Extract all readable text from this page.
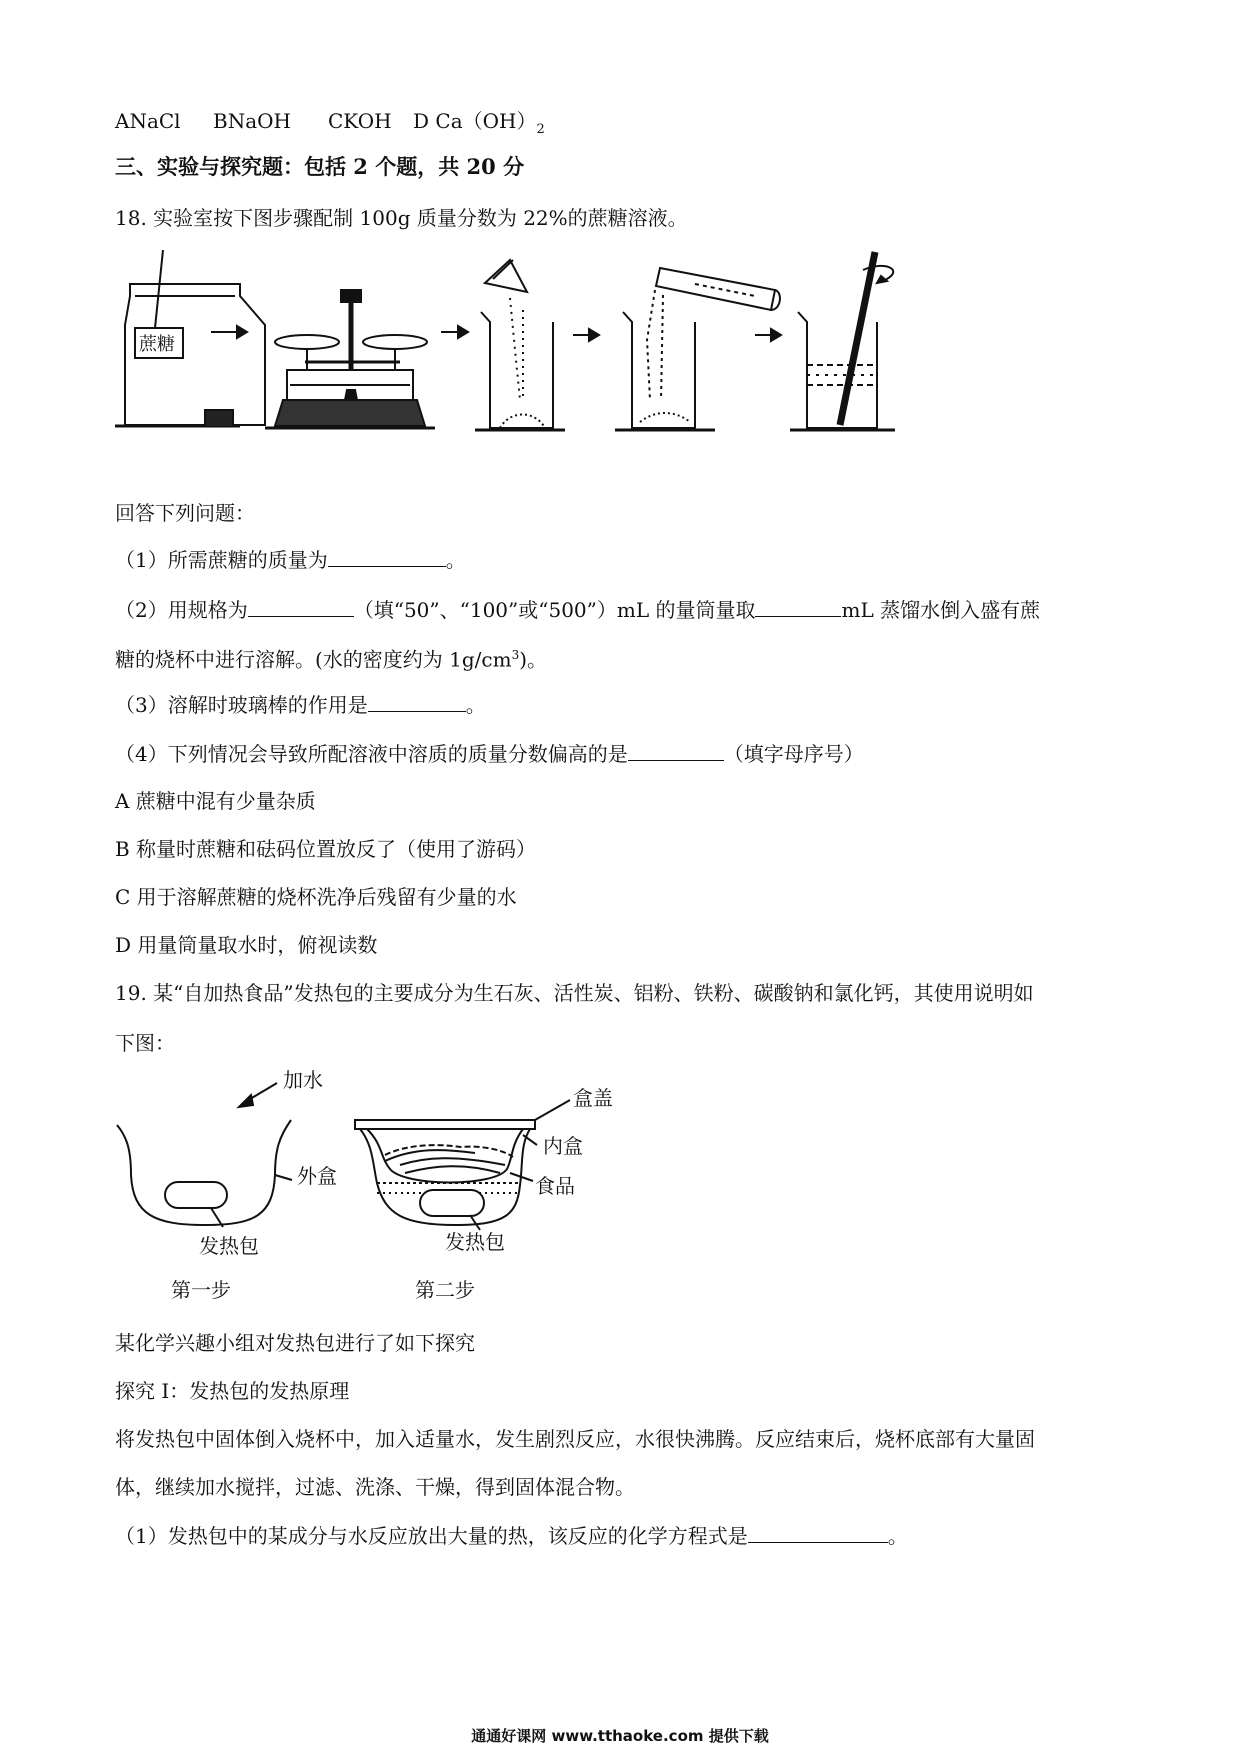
ANaCl BNaOH CKOH D $Ca(OH)_2$
三、实验与探究题：包括 2 个题，共 20 分
18. 实验室按下图步骤配制 100g 质量分数为 22%的蔗糖溶液。
蔗糖
回答下列问题：
（1）所需蔗糖的质量为	。
（2）用规格为	（填“50”、“100”或“500”）mL 的量筒量取	mL 蒸馏水倒入盛有蔗
糖的烧杯中进行溶解。(水的密度约为 $1g/cm^3$)。
（3）溶解时玻璃棒的作用是	。
（4）下列情况会导致所配溶液中溶质的质量分数偏高的是	（填字母序号）
A 蔗糖中混有少量杂质
B 称量时蔗糖和砝码位置放反了（使用了游码）
C 用于溶解蔗糖的烧杯洗净后残留有少量的水
D 用量筒量取水时，俯视读数
19. 某“自加热食品”发热包的主要成分为生石灰、活性炭、铝粉、铁粉、碳酸钠和氯化钙，其使用说明如
下图：
加水
外盒
发热包
第一步
盒盖
内盒
食品
发热包
第二步
某化学兴趣小组对发热包进行了如下探究
探究 I：发热包的发热原理
将发热包中固体倒入烧杯中，加入适量水，发生剧烈反应，水很快沸腾。反应结束后，烧杯底部有大量固
体，继续加水搅拌，过滤、洗涤、干燥，得到固体混合物。
（1）发热包中的某成分与水反应放出大量的热，该反应的化学方程式是	。
通通好课网 www.tthaoke.com 提供下载
